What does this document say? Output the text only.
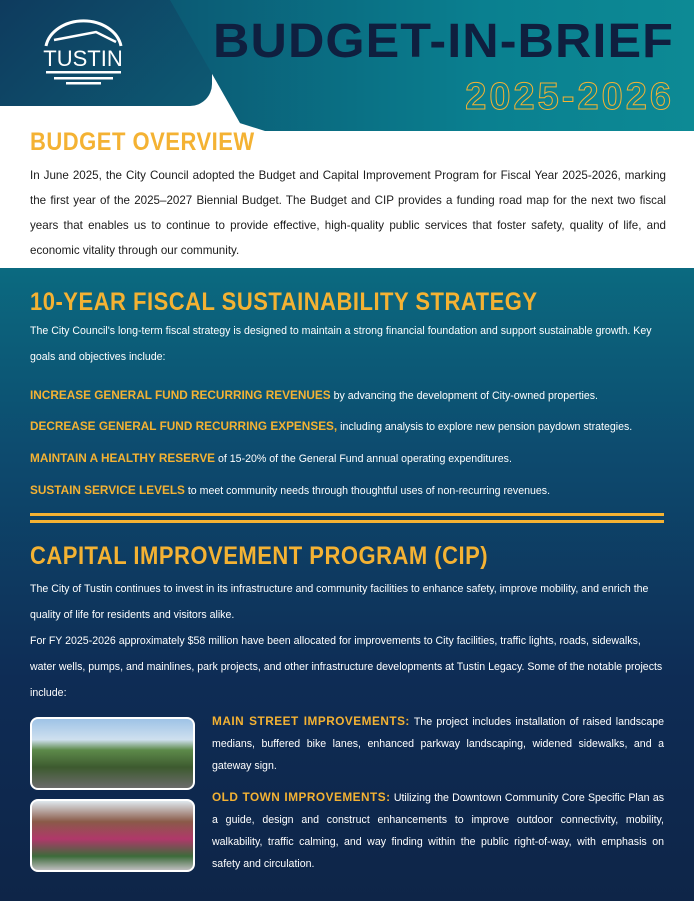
TUSTIN BUDGET-IN-BRIEF
2025-2026
BUDGET OVERVIEW

In June 2025, the City Council adopted the Budget and Capital Improvement Program for Fiscal Year 2025-2026, marking the first year of the 2025–2027 Biennial Budget. The Budget and CIP provides a funding road map for the next two fiscal years that enables us to continue to provide effective, high-quality public services that foster safety, quality of life, and economic vitality through our community.

10-YEAR FISCAL SUSTAINABILITY STRATEGY

The City Council's long-term fiscal strategy is designed to maintain a strong financial foundation and support sustainable growth. Key goals and objectives include:

INCREASE GENERAL FUND RECURRING REVENUES by advancing the development of City-owned properties.
DECREASE GENERAL FUND RECURRING EXPENSES, including analysis to explore new pension paydown strategies.
MAINTAIN A HEALTHY RESERVE of 15-20% of the General Fund annual operating expenditures.
SUSTAIN SERVICE LEVELS to meet community needs through thoughtful uses of non-recurring revenues.
CAPITAL IMPROVEMENT PROGRAM (CIP)

The City of Tustin continues to invest in its infrastructure and community facilities to enhance safety, improve mobility, and enrich the quality of life for residents and visitors alike.

For FY 2025-2026 approximately $58 million have been allocated for improvements to City facilities, traffic lights, roads, sidewalks, water wells, pumps, and mainlines, park projects, and other infrastructure developments at Tustin Legacy. Some of the notable projects include:

MAIN STREET IMPROVEMENTS: The project includes installation of raised landscape medians, buffered bike lanes, enhanced parkway landscaping, widened sidewalks, and a gateway sign.

OLD TOWN IMPROVEMENTS: Utilizing the Downtown Community Core Specific Plan as a guide, design and construct enhancements to improve outdoor connectivity, mobility, walkability, traffic calming, and way finding within the public right-of-way, with emphasis on safety and circulation.
